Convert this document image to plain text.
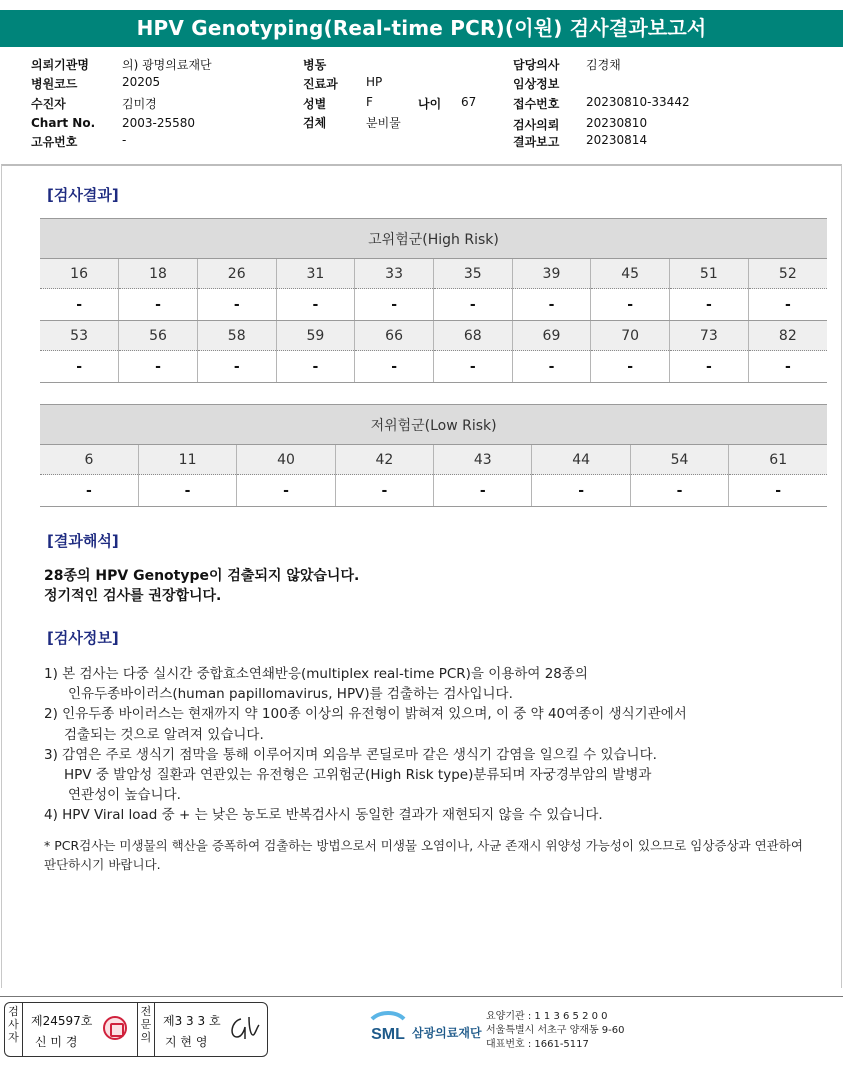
HPV Genotyping(Real-time PCR)(이원) 검사결과보고서
의뢰기관명	의) 광명의료재단
병원코드	20205
수진자	김미경
Chart No. 2003-25580
고유번호	-
병동
진료과 HP
성별	F	나이 67
검체	분비물
담당의사 김경채
임상정보
접수번호 20230810-33442
검사의뢰 20230810
결과보고 20230814
[검사결과]
고위험군(High Risk)									
16	18	26	31	33	35	39	45	51	52
-	-	-	-	-	-	-	-	-	-
53	56	58	59	66	68	69	70	73	82
-	-	-	-	-	-	-	-	-	-
저위험군(Low Risk)							
6	11	40	42	43	44	54	61
-	-	-	-	-	-	-	-
[결과해석]
28종의 HPV Genotype이 검출되지 않았습니다.
정기적인 검사를 권장합니다.
[검사정보]
1) 본 검사는 다중 실시간 중합효소연쇄반응(multiplex real-time PCR)을 이용하여 28종의
인유두종바이러스(human papillomavirus, HPV)를 검출하는 검사입니다.
2) 인유두종 바이러스는 현재까지 약 100종 이상의 유전형이 밝혀져 있으며, 이 중 약 40여종이 생식기관에서
검출되는 것으로 알려져 있습니다.
3) 감염은 주로 생식기 점막을 통해 이루어지며 외음부 콘딜로마 같은 생식기 감염을 일으킬 수 있습니다.
HPV 중 발암성 질환과 연관있는 유전형은 고위험군(High Risk type)분류되며 자궁경부암의 발병과
연관성이 높습니다.
4) HPV Viral load 중 + 는 낮은 농도로 반복검사시 동일한 결과가 재현되지 않을 수 있습니다.
* PCR검사는 미생물의 핵산을 증폭하여 검출하는 방법으로서 미생물 오염이나, 사균 존재시 위양성 가능성이 있으므로 임상증상과 연관하여 판단하시기 바랍니다.
검사자
제24597호
신 미 경
전문의
제3 3 3 호
지 현 영	SML 삼광의료재단
요양기관 : 1 1 3 6 5 2 0 0
서울특별시 서초구 양재동 9-60
대표번호 : 1661-5117
